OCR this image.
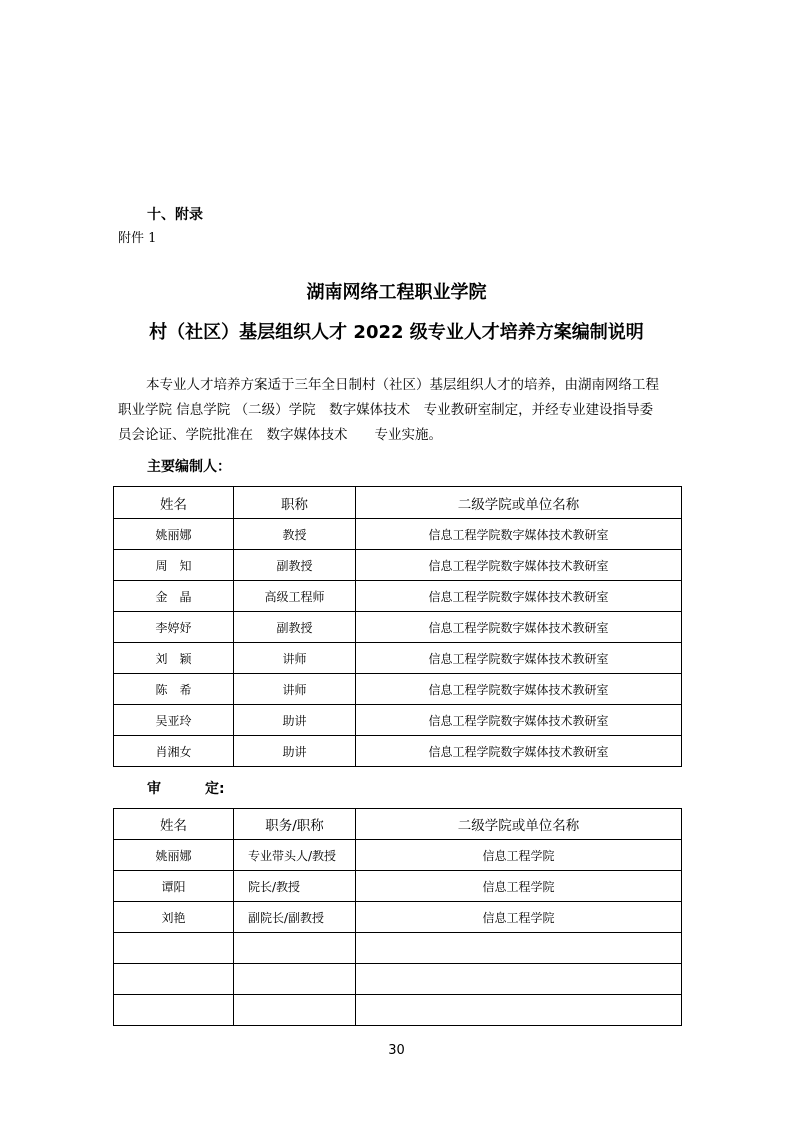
十、附录
附件 1
湖南网络工程职业学院
村（社区）基层组织人才 2022 级专业人才培养方案编制说明
本专业人才培养方案适于三年全日制村（社区）基层组织人才的培养，由湖南网络工程
职业学院 信息学院 （二级）学院　数字媒体技术　专业教研室制定，并经专业建设指导委
员会论证、学院批准在　数字媒体技术　　专业实施。
主要编制人：
姓名	职称	二级学院或单位名称
姚丽娜	教授	信息工程学院数字媒体技术教研室
周　知	副教授	信息工程学院数字媒体技术教研室
金　晶	高级工程师	信息工程学院数字媒体技术教研室
李婷妤	副教授	信息工程学院数字媒体技术教研室
刘　颖	讲师	信息工程学院数字媒体技术教研室
陈　希	讲师	信息工程学院数字媒体技术教研室
吴亚玲	助讲	信息工程学院数字媒体技术教研室
肖湘女	助讲	信息工程学院数字媒体技术教研室
审	定:
姓名	职务/职称	二级学院或单位名称
姚丽娜	专业带头人/教授	信息工程学院
谭阳	院长/教授	信息工程学院
刘艳	副院长/副教授	信息工程学院

30
